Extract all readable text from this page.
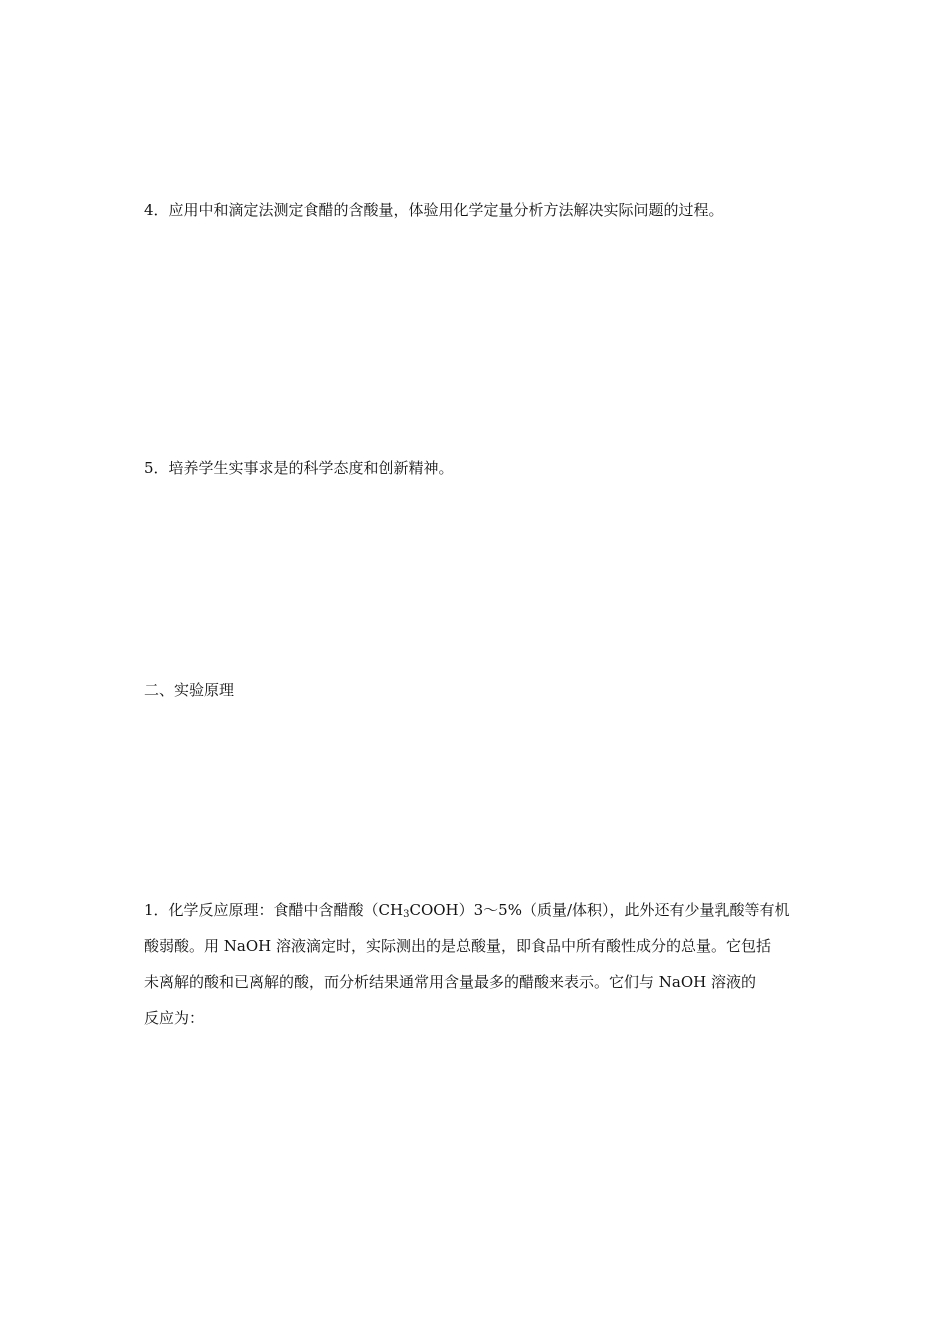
4．应用中和滴定法测定食醋的含酸量，体验用化学定量分析方法解决实际问题的过程。
5．培养学生实事求是的科学态度和创新精神。
二、实验原理
1．化学反应原理：食醋中含醋酸$(CH_3COOH)3\sim 5\%$（质量/体积），此外还有少量乳酸等有机
酸弱酸。用 NaOH 溶液滴定时，实际测出的是总酸量，即食品中所有酸性成分的总量。它包括
未离解的酸和已离解的酸，而分析结果通常用含量最多的醋酸来表示。它们与 NaOH 溶液的
反应为：
